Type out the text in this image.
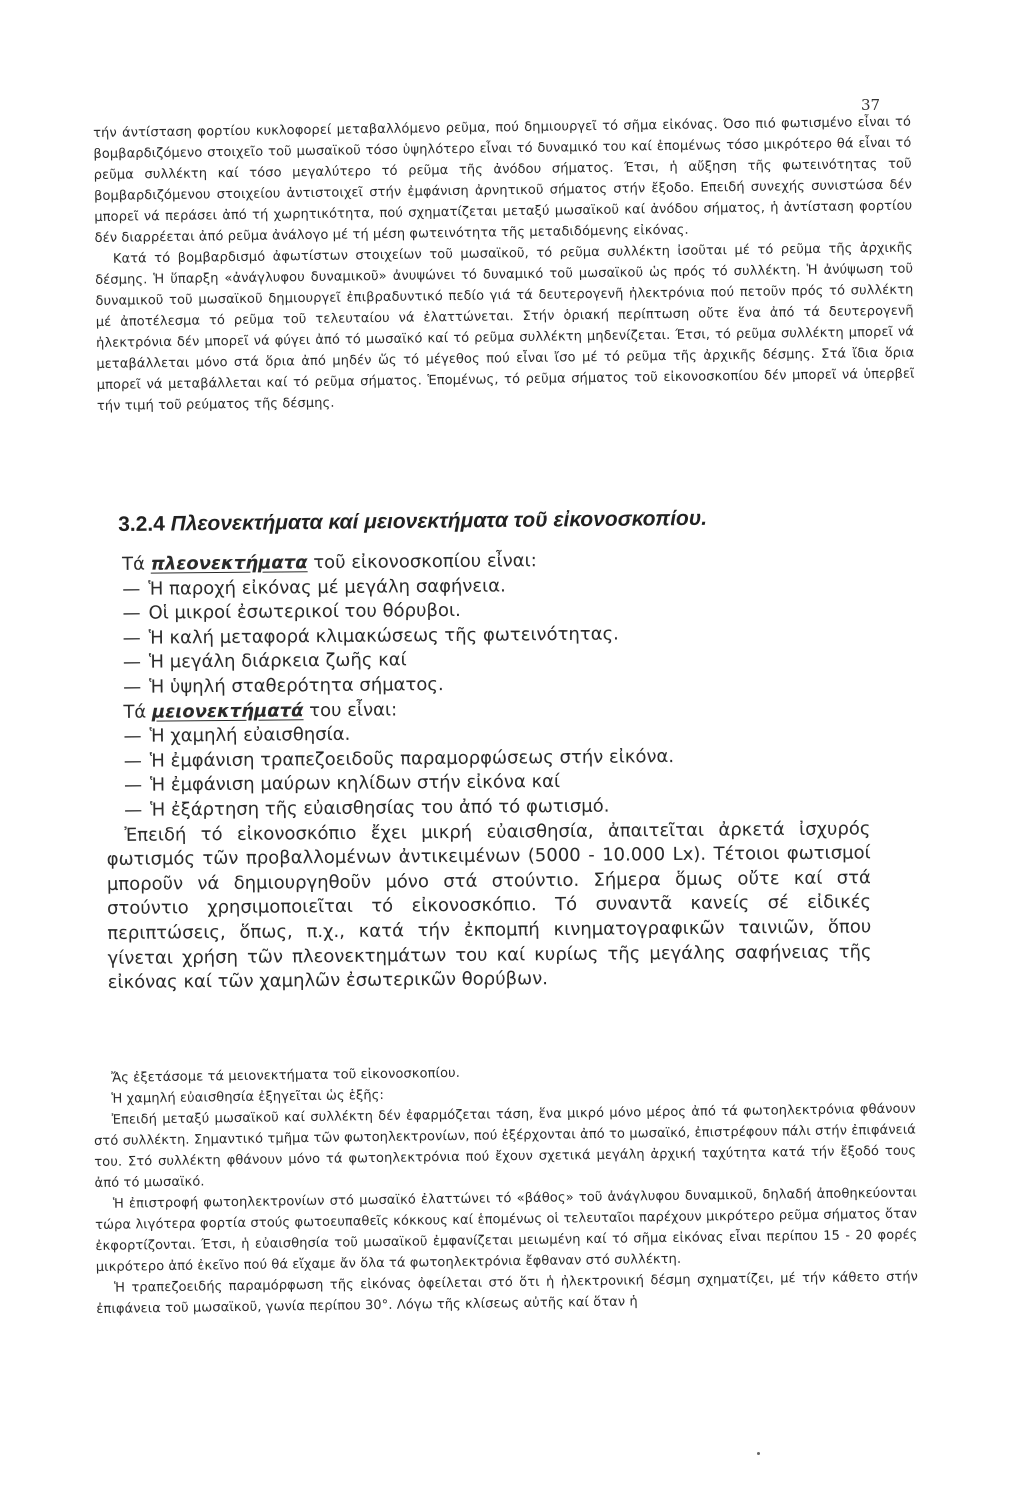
37

τήν άντίσταση φορτίου κυκλοφορεί μεταβαλλόμενο ρεῦμα, πού δημιουργεῖ τό σῆμα εἰκόνας. Όσο πιό φωτισμένο εἶναι τό βομβαρδιζόμενο στοιχεῖο τοῦ μωσαϊκοῦ τόσο ὑψηλότερο εἶναι τό δυναμικό του καί ἑπομένως τόσο μικρότερο θά εἶναι τό ρεῦμα συλλέκτη καί τόσο μεγαλύτερο τό ρεῦμα τῆς ἀνόδου σήματος. Έτσι, ἡ αὔξηση τῆς φωτεινότητας τοῦ βομβαρδιζόμενου στοιχείου ἀντιστοιχεῖ στήν ἐμφάνιση ἀρνητικοῦ σήματος στήν ἔξοδο. Επειδή συνεχής συνιστώσα δέν μπορεῖ νά περάσει ἀπό τή χωρητικότητα, πού σχηματίζεται μεταξύ μωσαϊκοῦ καί ἀνόδου σήματος, ἡ ἀντίσταση φορτίου δέν διαρρέεται ἀπό ρεῦμα ἀνάλογο μέ τή μέση φωτεινότητα τῆς μεταδιδόμενης εἰκόνας.

Κατά τό βομβαρδισμό ἀφωτίστων στοιχείων τοῦ μωσαϊκοῦ, τό ρεῦμα συλλέκτη ἰσοῦται μέ τό ρεῦμα τῆς ἀρχικῆς δέσμης. Ἡ ὕπαρξη «ἀνάγλυφου δυναμικοῦ» ἀνυψώνει τό δυναμικό τοῦ μωσαϊκοῦ ὡς πρός τό συλλέκτη. Ἡ ἀνύψωση τοῦ δυναμικοῦ τοῦ μωσαϊκοῦ δημιουργεῖ ἐπιβραδυντικό πεδίο γιά τά δευτερογενῆ ἠλεκτρόνια πού πετοῦν πρός τό συλλέκτη μέ ἀποτέλεσμα τό ρεῦμα τοῦ τελευταίου νά ἐλαττώνεται. Στήν ὁριακή περίπτωση οὔτε ἕνα ἀπό τά δευτερογενῆ ἠλεκτρόνια δέν μπορεῖ νά φύγει ἀπό τό μωσαϊκό καί τό ρεῦμα συλλέκτη μηδενίζεται. Έτσι, τό ρεῦμα συλλέκτη μπορεῖ νά μεταβάλλεται μόνο στά ὅρια ἀπό μηδέν ὥς τό μέγεθος πού εἶναι ἴσο μέ τό ρεῦμα τῆς ἀρχικῆς δέσμης. Στά ἴδια ὅρια μπορεῖ νά μεταβάλλεται καί τό ρεῦμα σήματος. Ἑπομένως, τό ρεῦμα σήματος τοῦ εἰκονοσκοπίου δέν μπορεῖ νά ὑπερβεῖ τήν τιμή τοῦ ρεύματος τῆς δέσμης.

3.2.4 Πλεονεκτήματα καί μειονεκτήματα τοῦ εἰκονοσκοπίου.

Τά πλεονεκτήματα τοῦ εἰκονοσκοπίου εἶναι:

— Ἡ παροχή εἰκόνας μέ μεγάλη σαφήνεια.

— Οἱ μικροί ἐσωτερικοί του θόρυβοι.

— Ἡ καλή μεταφορά κλιμακώσεως τῆς φωτεινότητας.

— Ἡ μεγάλη διάρκεια ζωῆς καί

— Ἡ ὑψηλή σταθερότητα σήματος.

Τά μειονεκτήματά του εἶναι:

— Ἡ χαμηλή εὐαισθησία.

— Ἡ ἐμφάνιση τραπεζοειδοῦς παραμορφώσεως στήν εἰκόνα.

— Ἡ ἐμφάνιση μαύρων κηλίδων στήν εἰκόνα καί

— Ἡ ἐξάρτηση τῆς εὐαισθησίας του ἀπό τό φωτισμό.

Ἐπειδή τό εἰκονοσκόπιο ἔχει μικρή εὐαισθησία, ἀπαιτεῖται ἀρκετά ἰσχυρός φωτισμός τῶν προβαλλομένων ἀντικειμένων (5000 - 10.000 Lx). Τέτοιοι φωτισμοί μποροῦν νά δημιουργηθοῦν μόνο στά στούντιο. Σήμερα ὅμως οὔτε καί στά στούντιο χρησιμοποιεῖται τό εἰκονοσκόπιο. Τό συναντᾶ κανείς σέ εἰδικές περιπτώσεις, ὅπως, π.χ., κατά τήν ἐκπομπή κινηματογραφικῶν ταινιῶν, ὅπου γίνεται χρήση τῶν πλεονεκτημάτων του καί κυρίως τῆς μεγάλης σαφήνειας τῆς εἰκόνας καί τῶν χαμηλῶν ἐσωτερικῶν θορύβων.

Ἄς ἐξετάσομε τά μειονεκτήματα τοῦ εἰκονοσκοπίου.

Ἡ χαμηλή εὐαισθησία ἐξηγεῖται ὡς ἑξῆς:

Ἐπειδή μεταξύ μωσαϊκοῦ καί συλλέκτη δέν ἐφαρμόζεται τάση, ἕνα μικρό μόνο μέρος ἀπό τά φωτοηλεκτρόνια φθάνουν στό συλλέκτη. Σημαντικό τμῆμα τῶν φωτοηλεκτρονίων, πού ἐξέρχονται ἀπό το μωσαϊκό, ἐπιστρέφουν πάλι στήν ἐπιφάνειά του. Στό συλλέκτη φθάνουν μόνο τά φωτοηλεκτρόνια πού ἔχουν σχετικά μεγάλη ἀρχική ταχύτητα κατά τήν ἔξοδό τους ἀπό τό μωσαϊκό.

Ἡ ἐπιστροφή φωτοηλεκτρονίων στό μωσαϊκό ἐλαττώνει τό «βάθος» τοῦ ἀνάγλυφου δυναμικοῦ, δηλαδή ἀποθηκεύονται τώρα λιγότερα φορτία στούς φωτοευπαθεῖς κόκκους καί ἑπομένως οἱ τελευταῖοι παρέχουν μικρότερο ρεῦμα σήματος ὅταν ἐκφορτίζονται. Έτσι, ἡ εὐαισθησία τοῦ μωσαϊκοῦ ἐμφανίζεται μειωμένη καί τό σῆμα εἰκόνας εἶναι περίπου 15 - 20 φορές μικρότερο ἀπό ἐκεῖνο πού θά εἴχαμε ἄν ὅλα τά φωτοηλεκτρόνια ἔφθαναν στό συλλέκτη.

Ἡ τραπεζοειδής παραμόρφωση τῆς εἰκόνας ὀφείλεται στό ὅτι ἡ ἠλεκτρονική δέσμη σχηματίζει, μέ τήν κάθετο στήν ἐπιφάνεια τοῦ μωσαϊκοῦ, γωνία περίπου 30°. Λόγω τῆς κλίσεως αὐτῆς καί ὅταν ἡ
